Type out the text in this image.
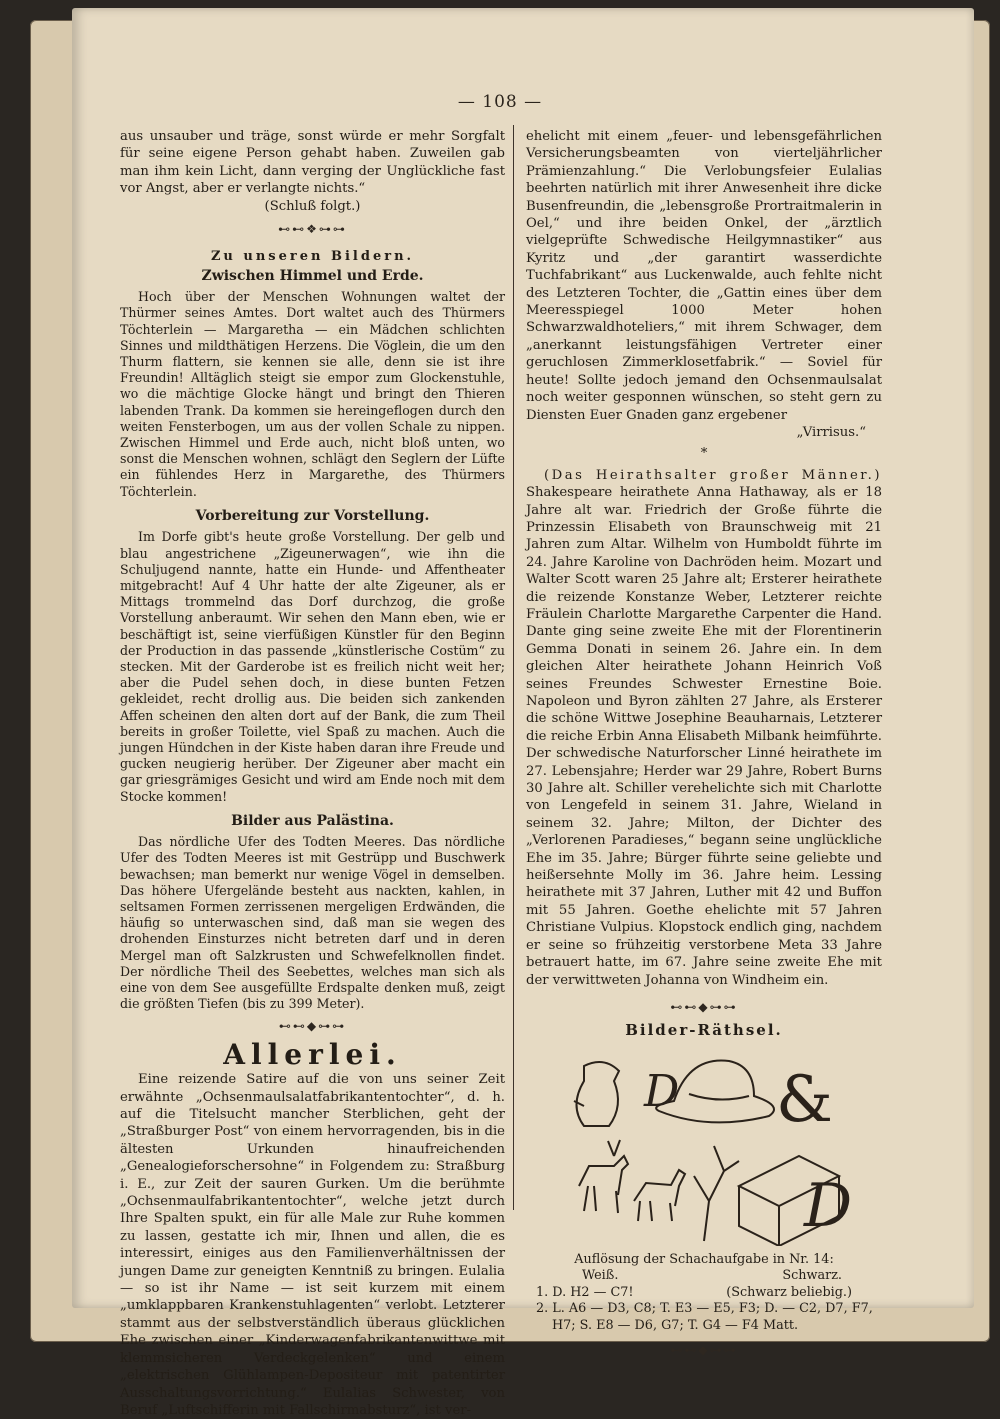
— 108 —

aus unsauber und träge, sonst würde er mehr Sorgfalt für seine eigene Person gehabt haben. Zuweilen gab man ihm kein Licht, dann verging der Unglückliche fast vor Angst, aber er verlangte nichts.“

(Schluß folgt.)

⊷⊷❖⊶⊶
Zu unseren Bildern.
Zwischen Himmel und Erde.

Hoch über der Menschen Wohnungen waltet der Thürmer seines Amtes. Dort waltet auch des Thürmers Töchterlein — Margaretha — ein Mädchen schlichten Sinnes und mildthätigen Herzens. Die Vöglein, die um den Thurm flattern, sie kennen sie alle, denn sie ist ihre Freundin! Alltäglich steigt sie empor zum Glockenstuhle, wo die mächtige Glocke hängt und bringt den Thieren labenden Trank. Da kommen sie hereingeflogen durch den weiten Fensterbogen, um aus der vollen Schale zu nippen. Zwischen Himmel und Erde auch, nicht bloß unten, wo sonst die Menschen wohnen, schlägt den Seglern der Lüfte ein fühlendes Herz in Margarethe, des Thürmers Töchterlein.

Vorbereitung zur Vorstellung.

Im Dorfe gibt's heute große Vorstellung. Der gelb und blau angestrichene „Zigeunerwagen“, wie ihn die Schuljugend nannte, hatte ein Hunde- und Affentheater mitgebracht! Auf 4 Uhr hatte der alte Zigeuner, als er Mittags trommelnd das Dorf durchzog, die große Vorstellung anberaumt. Wir sehen den Mann eben, wie er beschäftigt ist, seine vierfüßigen Künstler für den Beginn der Production in das passende „künstlerische Costüm“ zu stecken. Mit der Garderobe ist es freilich nicht weit her; aber die Pudel sehen doch, in diese bunten Fetzen gekleidet, recht drollig aus. Die beiden sich zankenden Affen scheinen den alten dort auf der Bank, die zum Theil bereits in großer Toilette, viel Spaß zu machen. Auch die jungen Hündchen in der Kiste haben daran ihre Freude und gucken neugierig herüber. Der Zigeuner aber macht ein gar griesgrämiges Gesicht und wird am Ende noch mit dem Stocke kommen!

Bilder aus Palästina.

Das nördliche Ufer des Todten Meeres. Das nördliche Ufer des Todten Meeres ist mit Gestrüpp und Buschwerk bewachsen; man bemerkt nur wenige Vögel in demselben. Das höhere Ufergelände besteht aus nackten, kahlen, in seltsamen Formen zerrissenen mergeligen Erdwänden, die häufig so unterwaschen sind, daß man sie wegen des drohenden Einsturzes nicht betreten darf und in deren Mergel man oft Salzkrusten und Schwefelknollen findet. Der nördliche Theil des Seebettes, welches man sich als eine von dem See ausgefüllte Erdspalte denken muß, zeigt die größten Tiefen (bis zu 399 Meter).

⊷⊷◆⊶⊶
Allerlei.

Eine reizende Satire auf die von uns seiner Zeit erwähnte „Ochsenmaulsalatfabrikantentochter“, d. h. auf die Titelsucht mancher Sterblichen, geht der „Straßburger Post“ von einem hervorragenden, bis in die ältesten Urkunden hinaufreichenden „Genealogieforschersohne“ in Folgendem zu: Straßburg i. E., zur Zeit der sauren Gurken. Um die berühmte „Ochsenmaulfabrikantentochter“, welche jetzt durch Ihre Spalten spukt, ein für alle Male zur Ruhe kommen zu lassen, gestatte ich mir, Ihnen und allen, die es interessirt, einiges aus den Familienverhältnissen der jungen Dame zur geneigten Kenntniß zu bringen. Eulalia — so ist ihr Name — ist seit kurzem mit einem „umklappbaren Krankenstuhlagenten“ verlobt. Letzterer stammt aus der selbstverständlich überaus glücklichen Ehe zwischen einer „Kinderwagenfabrikantenwittwe mit klemmsicheren Verdeckgelenken“ und einem „elektrischen Glühlampen-Depositeur mit patentirter Ausschaltungsvorrichtung.“ Eulalias Schwester, von Beruf „Luftschifferin mit Fallschirmabsturz“, ist ver-

ehelicht mit einem „feuer- und lebensgefährlichen Versicherungsbeamten von vierteljährlicher Prämienzahlung.“ Die Verlobungsfeier Eulalias beehrten natürlich mit ihrer Anwesenheit ihre dicke Busenfreundin, die „lebensgroße Prortraitmalerin in Oel,“ und ihre beiden Onkel, der „ärztlich vielgeprüfte Schwedische Heilgymnastiker“ aus Kyritz und „der garantirt wasserdichte Tuchfabrikant“ aus Luckenwalde, auch fehlte nicht des Letzteren Tochter, die „Gattin eines über dem Meeresspiegel 1000 Meter hohen Schwarzwaldhoteliers,“ mit ihrem Schwager, dem „anerkannt leistungsfähigen Vertreter einer geruchlosen Zimmerklosetfabrik.“ — Soviel für heute! Sollte jedoch jemand den Ochsenmaulsalat noch weiter gesponnen wünschen, so steht gern zu Diensten Euer Gnaden ganz ergebener

„Virrisus.“
*

(Das Heirathsalter großer Männer.) Shakespeare heirathete Anna Hathaway, als er 18 Jahre alt war. Friedrich der Große führte die Prinzessin Elisabeth von Braunschweig mit 21 Jahren zum Altar. Wilhelm von Humboldt führte im 24. Jahre Karoline von Dachröden heim. Mozart und Walter Scott waren 25 Jahre alt; Ersterer heirathete die reizende Konstanze Weber, Letzterer reichte Fräulein Charlotte Margarethe Carpenter die Hand. Dante ging seine zweite Ehe mit der Florentinerin Gemma Donati in seinem 26. Jahre ein. In dem gleichen Alter heirathete Johann Heinrich Voß seines Freundes Schwester Ernestine Boie. Napoleon und Byron zählten 27 Jahre, als Ersterer die schöne Wittwe Josephine Beauharnais, Letzterer die reiche Erbin Anna Elisabeth Milbank heimführte. Der schwedische Naturforscher Linné heirathete im 27. Lebensjahre; Herder war 29 Jahre, Robert Burns 30 Jahre alt. Schiller verehelichte sich mit Charlotte von Lengefeld in seinem 31. Jahre, Wieland in seinem 32. Jahre; Milton, der Dichter des „Verlorenen Paradieses,“ begann seine unglückliche Ehe im 35. Jahre; Bürger führte seine geliebte und heißersehnte Molly im 36. Jahre heim. Lessing heirathete mit 37 Jahren, Luther mit 42 und Buffon mit 55 Jahren. Goethe ehelichte mit 57 Jahren Christiane Vulpius. Klopstock endlich ging, nachdem er seine so frühzeitig verstorbene Meta 33 Jahre betrauert hatte, im 67. Jahre seine zweite Ehe mit der verwittweten Johanna von Windheim ein.

⊷⊷◆⊶⊶
Bilder-Räthsel.
D &
D
Auflösung der Schachaufgabe in Nr. 14:
Weiß.	Schwarz.
1. D. H2 — C7!	(Schwarz beliebig.)
2. L. A6 — D3, C8; T. E3 — E5, F3; D. — C2, D7, F7,
H7; S. E8 — D6, G7; T. G4 — F4 Matt.
⊷⊷◆⊶⊶
